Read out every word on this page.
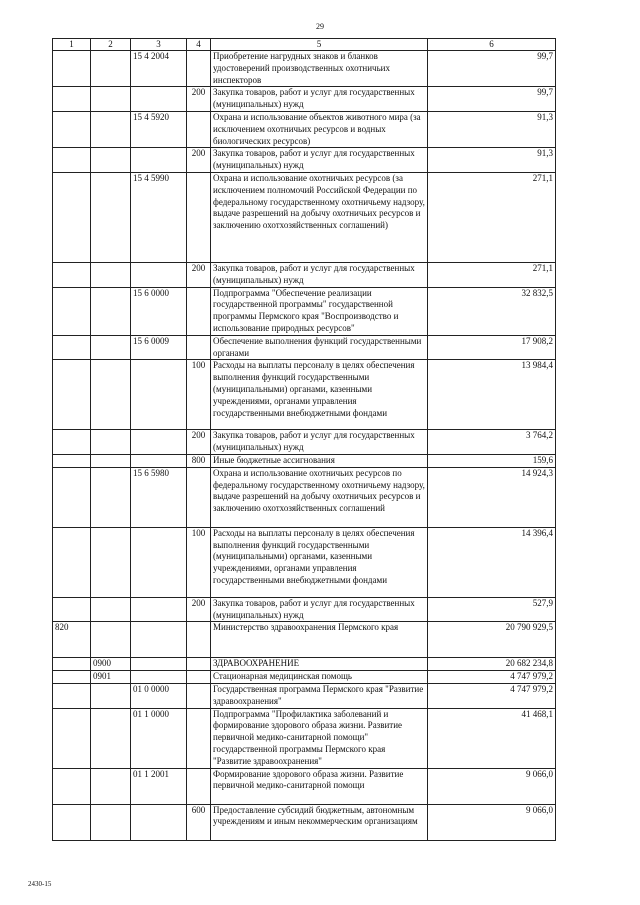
29
1	2	3	4	5	6
		15 4 2004		Приобретение нагрудных знаков и бланков удостоверений производственных охотничьих инспекторов	99,7
			200	Закупка товаров, работ и услуг для государственных (муниципальных) нужд	99,7
		15 4 5920		Охрана и использование объектов животного мира (за исключением охотничьих ресурсов и водных биологических ресурсов)	91,3
			200	Закупка товаров, работ и услуг для государственных (муниципальных) нужд	91,3
		15 4 5990		Охрана и использование охотничьих ресурсов (за исключением полномочий Российской Федерации по федеральному государственному охотничьему надзору, выдаче разрешений на добычу охотничьих ресурсов и заключению охотхозяйственных соглашений)	271,1
			200	Закупка товаров, работ и услуг для государственных (муниципальных) нужд	271,1
		15 6 0000		Подпрограмма "Обеспечение реализации государственной программы" государственной программы Пермского края "Воспроизводство и использование природных ресурсов"	32 832,5
		15 6 0009		Обеспечение выполнения функций государственными органами	17 908,2
			100	Расходы на выплаты персоналу в целях обеспечения выполнения функций государственными (муниципальными) органами, казенными учреждениями, органами управления государственными внебюджетными фондами	13 984,4
			200	Закупка товаров, работ и услуг для государственных (муниципальных) нужд	3 764,2
			800	Иные бюджетные ассигнования	159,6
		15 6 5980		Охрана и использование охотничьих ресурсов по федеральному государственному охотничьему надзору, выдаче разрешений на добычу охотничьих ресурсов и заключению охотхозяйственных соглашений	14 924,3
			100	Расходы на выплаты персоналу в целях обеспечения выполнения функций государственными (муниципальными) органами, казенными учреждениями, органами управления государственными внебюджетными фондами	14 396,4
			200	Закупка товаров, работ и услуг для государственных (муниципальных) нужд	527,9
820				Министерство здравоохранения Пермского края	20 790 929,5
	0900			ЗДРАВООХРАНЕНИЕ	20 682 234,8
	0901			Стационарная медицинская помощь	4 747 979,2
		01 0 0000		Государственная программа Пермского края "Развитие здравоохранения"	4 747 979,2
		01 1 0000		Подпрограмма "Профилактика заболеваний и формирование здорового образа жизни. Развитие первичной медико-санитарной помощи" государственной программы Пермского края "Развитие здравоохранения"	41 468,1
		01 1 2001		Формирование здорового образа жизни. Развитие первичной медико-санитарной помощи	9 066,0
			600	Предоставление субсидий бюджетным, автономным учреждениям и иным некоммерческим организациям	9 066,0
2430-15
